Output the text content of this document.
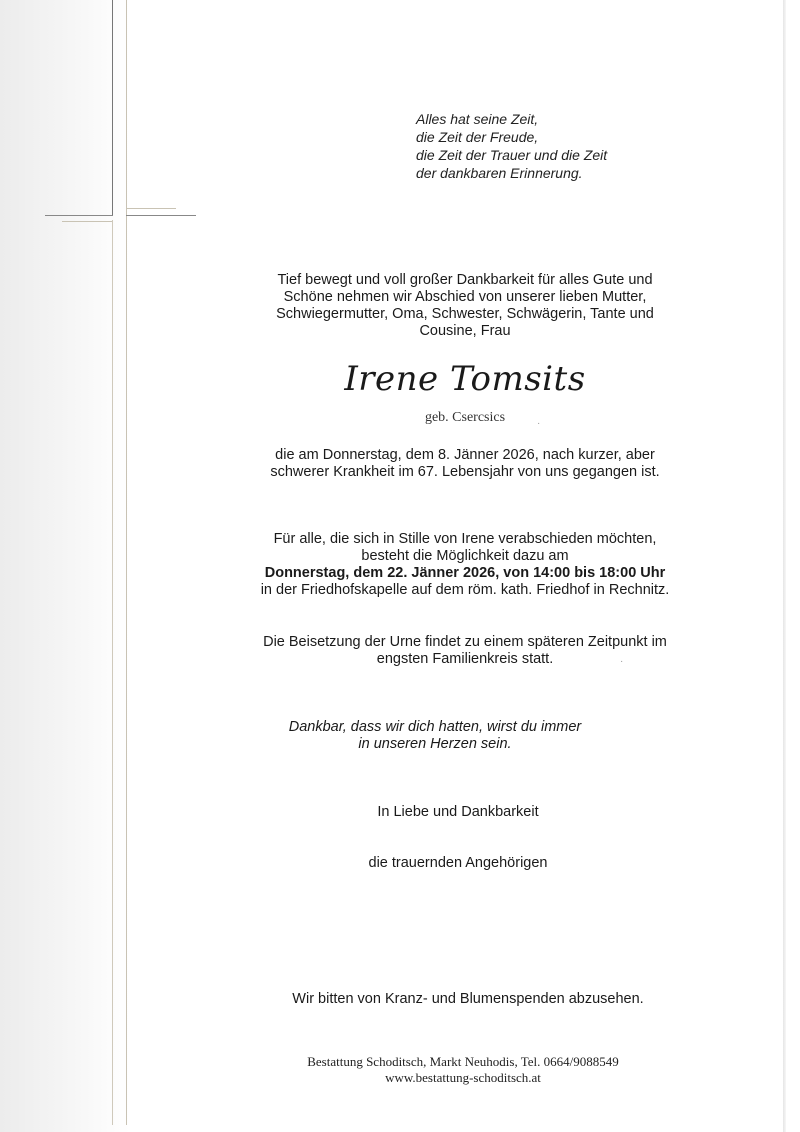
Alles hat seine Zeit,
die Zeit der Freude,
die Zeit der Trauer und die Zeit
der dankbaren Erinnerung.
Tief bewegt und voll großer Dankbarkeit für alles Gute und
Schöne nehmen wir Abschied von unserer lieben Mutter,
Schwiegermutter, Oma, Schwester, Schwägerin, Tante und
Cousine, Frau
Irene Tomsits
geb. Csercsics
die am Donnerstag, dem 8. Jänner 2026, nach kurzer, aber
schwerer Krankheit im 67. Lebensjahr von uns gegangen ist.
Für alle, die sich in Stille von Irene verabschieden möchten,
besteht die Möglichkeit dazu am
Donnerstag, dem 22. Jänner 2026, von 14:00 bis 18:00 Uhr
in der Friedhofskapelle auf dem röm. kath. Friedhof in Rechnitz.
Die Beisetzung der Urne findet zu einem späteren Zeitpunkt im
engsten Familienkreis statt.
Dankbar, dass wir dich hatten, wirst du immer
in unseren Herzen sein.
In Liebe und Dankbarkeit
die trauernden Angehörigen
Wir bitten von Kranz- und Blumenspenden abzusehen.
Bestattung Schoditsch, Markt Neuhodis, Tel. 0664/9088549
www.bestattung-schoditsch.at
·
·
